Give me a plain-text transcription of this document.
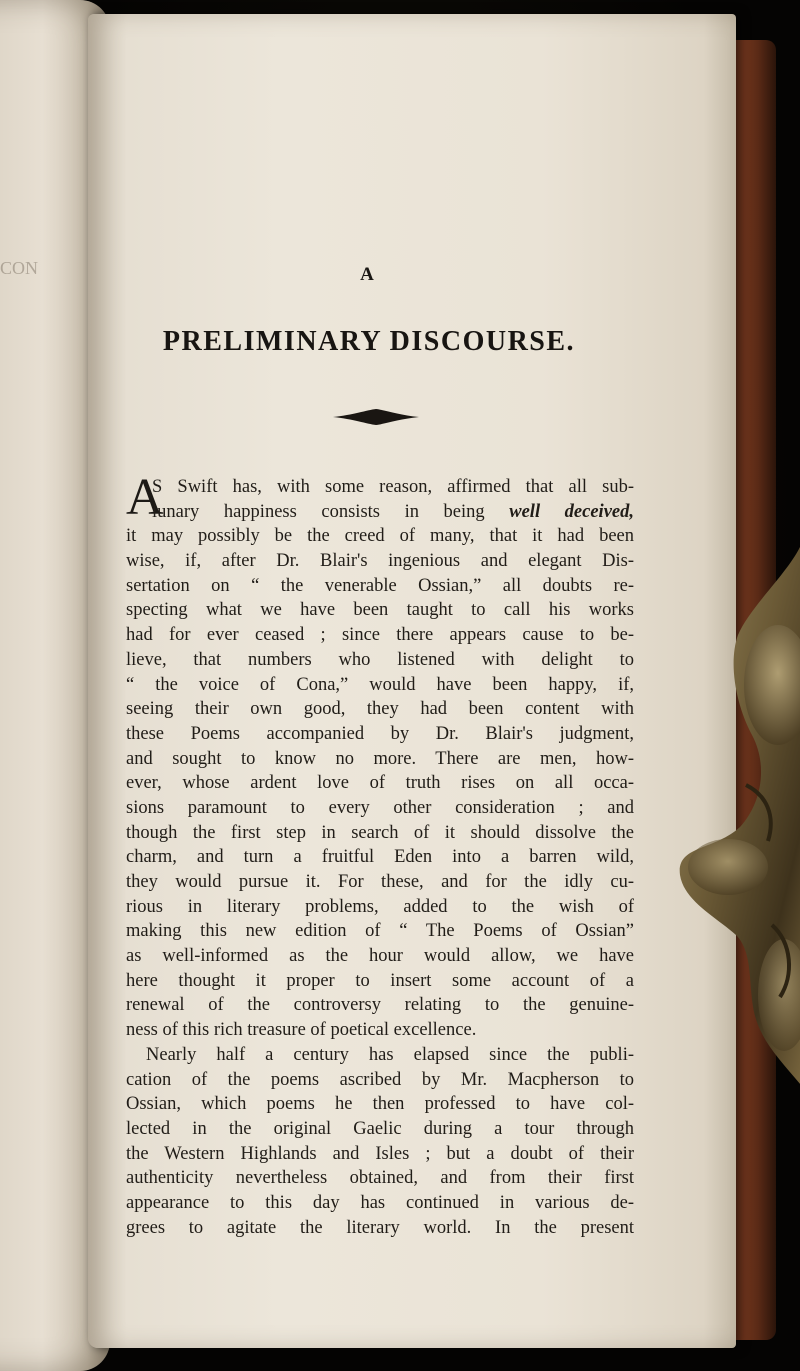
CON	A
PRELIMINARY DISCOURSE.
A
S Swift has, with some reason, affirmed that all sub-
lunary happiness consists in being well deceived,
it may possibly be the creed of many, that it had been
wise, if, after Dr. Blair's ingenious and elegant Dis-
sertation on “ the venerable Ossian,” all doubts re-
specting what we have been taught to call his works
had for ever ceased ; since there appears cause to be-
lieve, that numbers who listened with delight to
“ the voice of Cona,” would have been happy, if,
seeing their own good, they had been content with
these Poems accompanied by Dr. Blair's judgment,
and sought to know no more. There are men, how-
ever, whose ardent love of truth rises on all occa-
sions paramount to every other consideration ; and
though the first step in search of it should dissolve the
charm, and turn a fruitful Eden into a barren wild,
they would pursue it. For these, and for the idly cu-
rious in literary problems, added to the wish of
making this new edition of “ The Poems of Ossian”
as well-informed as the hour would allow, we have
here thought it proper to insert some account of a
renewal of the controversy relating to the genuine-
ness of this rich treasure of poetical excellence.
Nearly half a century has elapsed since the publi-
cation of the poems ascribed by Mr. Macpherson to
Ossian, which poems he then professed to have col-
lected in the original Gaelic during a tour through
the Western Highlands and Isles ; but a doubt of their
authenticity nevertheless obtained, and from their first
appearance to this day has continued in various de-
grees to agitate the literary world. In the present
